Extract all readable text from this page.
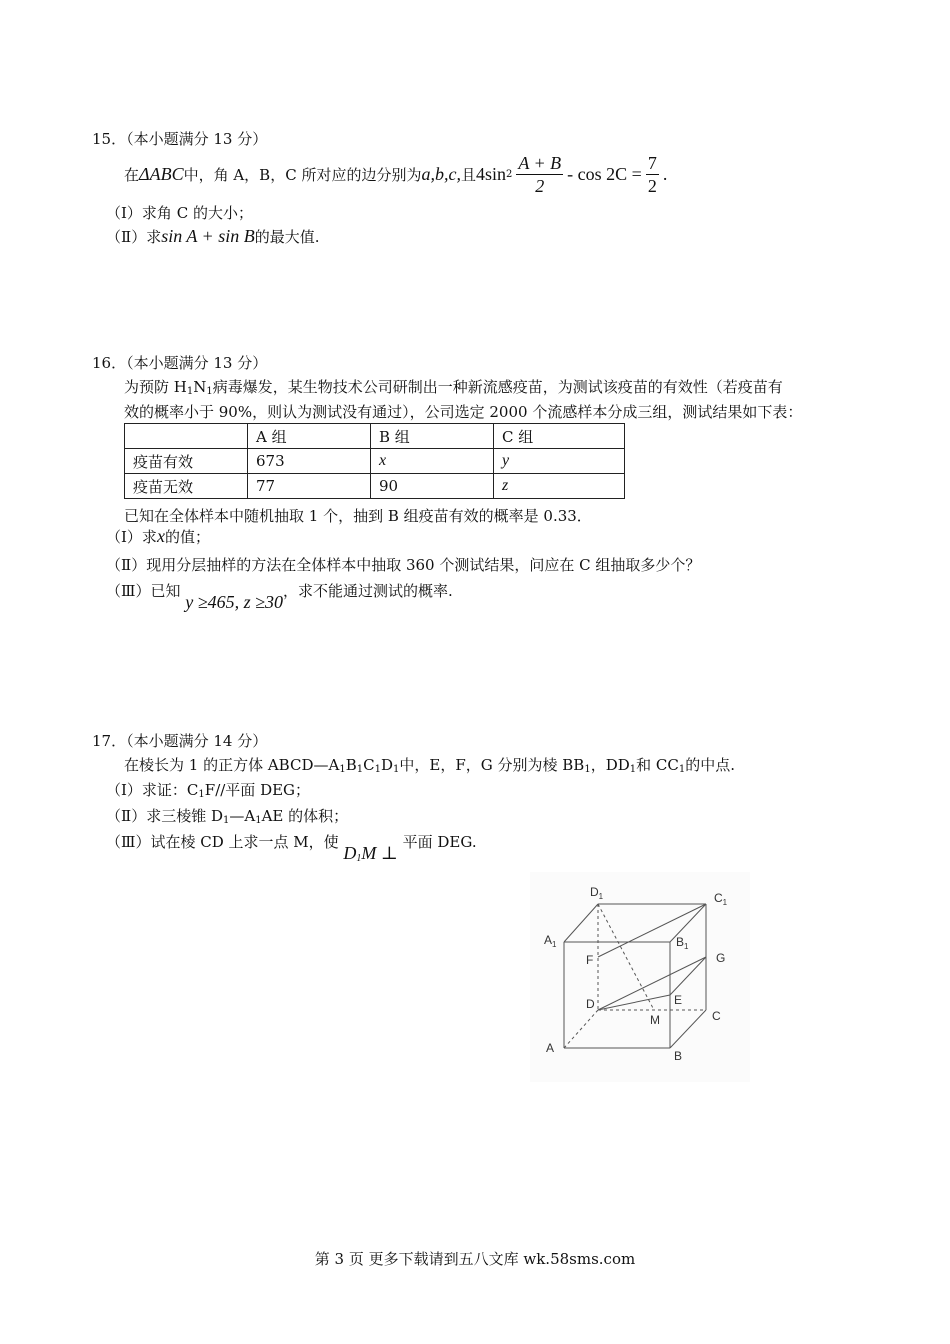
15．（本小题满分 13 分）
在 ΔABC 中，角 A，B，C 所对应的边分别为 a,b,c, 且 4sin $2 \frac{A + B}{2} - \cos 2C = \frac{7}{2}$ .
（Ⅰ）求角 C 的大小；
（Ⅱ）求sin A + sin B的最大值.
16．（本小题满分 13 分）
为预防 $H_1N_1$病毒爆发，某生物技术公司研制出一种新流感疫苗，为测试该疫苗的有效性（若疫苗有
效的概率小于 90%，则认为测试没有通过），公司选定 2000 个流感样本分成三组，测试结果如下表：
	A 组	B 组	C 组
疫苗有效	673	x	y
疫苗无效	77	90	z
已知在全体样本中随机抽取 1 个，抽到 B 组疫苗有效的概率是 0.33．
（Ⅰ）求x的值；
（Ⅱ）现用分层抽样的方法在全体样本中抽取 360 个测试结果，问应在 C 组抽取多少个？
（Ⅲ）已知 y ≥465, z ≥30，求不能通过测试的概率.
17．（本小题满分 14 分）
在棱长为 1 的正方体 $ABCD—A_1B_1C_1D_1$中，E，F，G 分别为棱 $BB_1$，$DD_1$和 $CC_1$的中点.
（Ⅰ）求证：$C_1F//$平面 DEG；
（Ⅱ）求三棱锥 $D_1—A_1AE$ 的体积；
（Ⅲ）试在棱 CD 上求一点 M，使 $D_1M$ ⊥ 平面 DEG.
$D_1$	$C_1$
$A_1$	$B_1$
F	G
D	E
M	C
A
B
第 3 页 更多下载请到五八文库 wk.58sms.com
